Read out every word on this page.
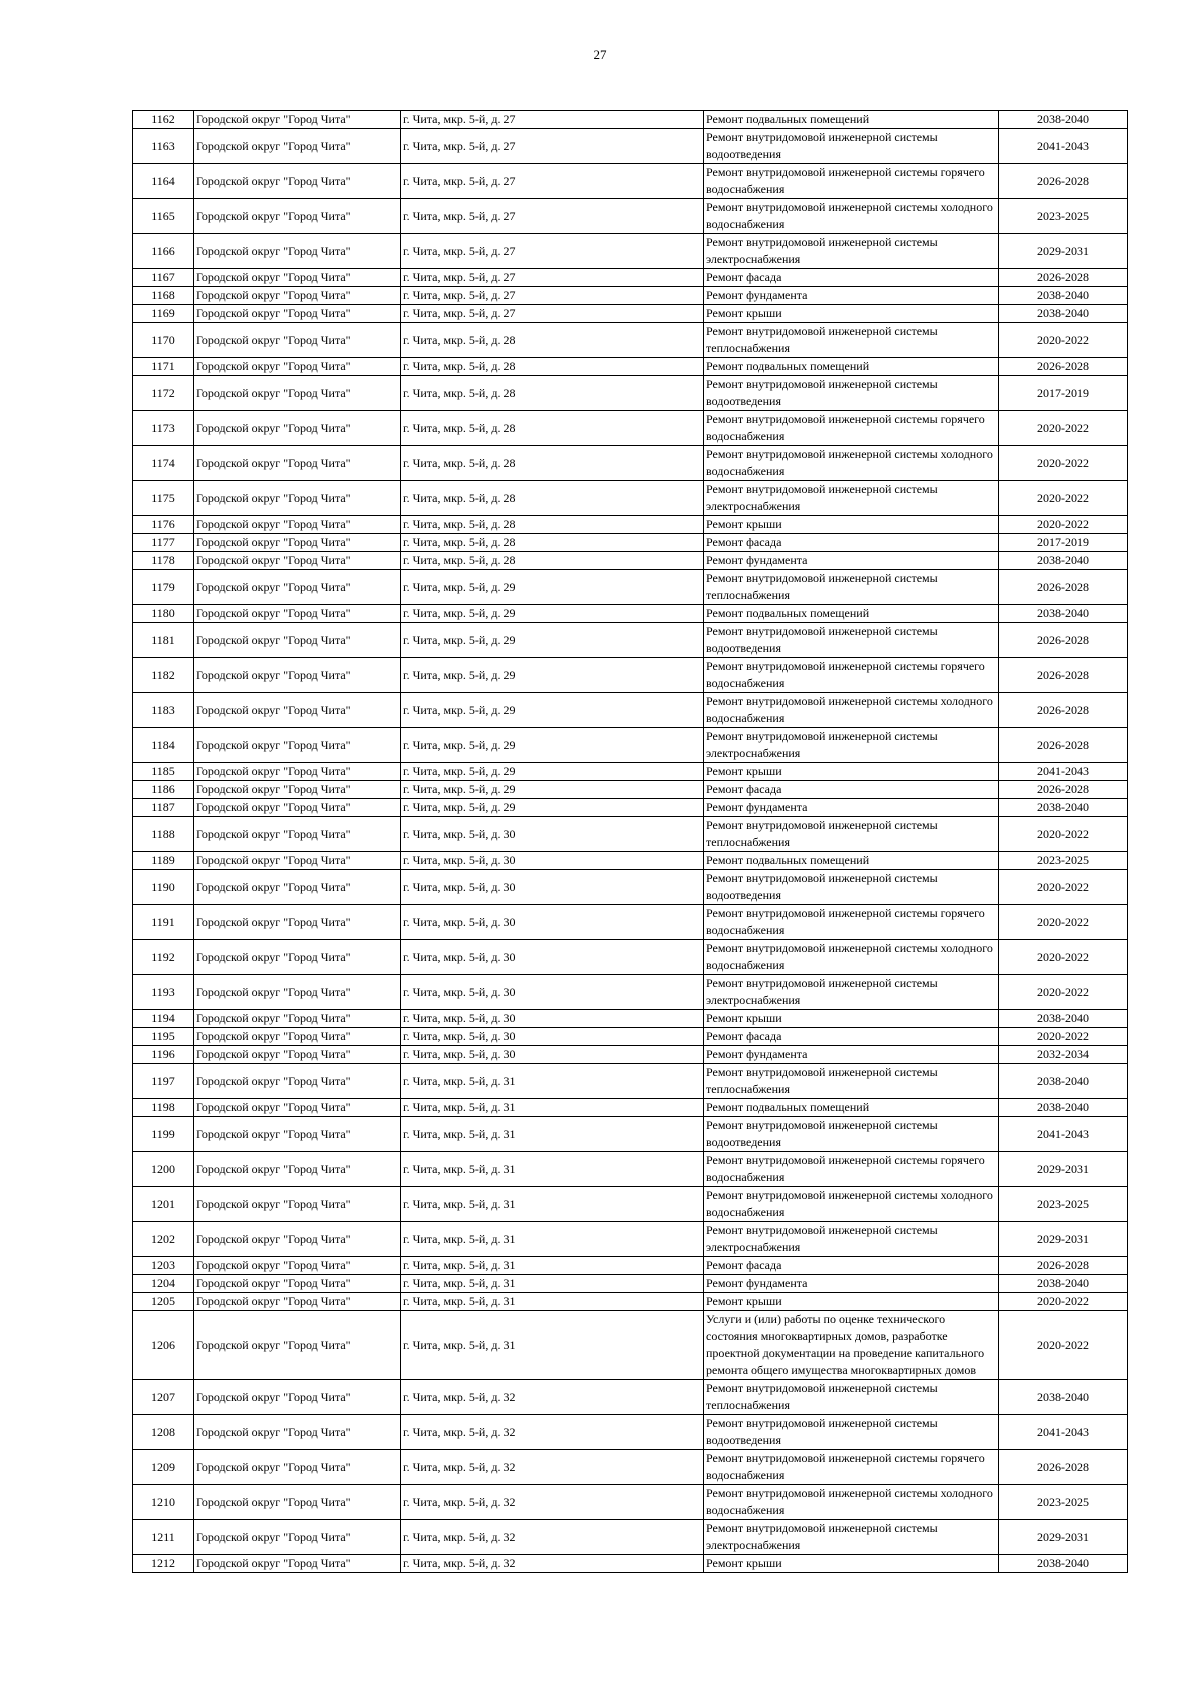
27
1162	Городской округ "Город Чита"	г. Чита, мкр. 5-й, д. 27	Ремонт подвальных помещений	2038-2040
1163	Городской округ "Город Чита"	г. Чита, мкр. 5-й, д. 27	Ремонт внутридомовой инженерной системы водоотведения	2041-2043
1164	Городской округ "Город Чита"	г. Чита, мкр. 5-й, д. 27	Ремонт внутридомовой инженерной системы горячего водоснабжения	2026-2028
1165	Городской округ "Город Чита"	г. Чита, мкр. 5-й, д. 27	Ремонт внутридомовой инженерной системы холодного водоснабжения	2023-2025
1166	Городской округ "Город Чита"	г. Чита, мкр. 5-й, д. 27	Ремонт внутридомовой инженерной системы электроснабжения	2029-2031
1167	Городской округ "Город Чита"	г. Чита, мкр. 5-й, д. 27	Ремонт фасада	2026-2028
1168	Городской округ "Город Чита"	г. Чита, мкр. 5-й, д. 27	Ремонт фундамента	2038-2040
1169	Городской округ "Город Чита"	г. Чита, мкр. 5-й, д. 27	Ремонт крыши	2038-2040
1170	Городской округ "Город Чита"	г. Чита, мкр. 5-й, д. 28	Ремонт внутридомовой инженерной системы теплоснабжения	2020-2022
1171	Городской округ "Город Чита"	г. Чита, мкр. 5-й, д. 28	Ремонт подвальных помещений	2026-2028
1172	Городской округ "Город Чита"	г. Чита, мкр. 5-й, д. 28	Ремонт внутридомовой инженерной системы водоотведения	2017-2019
1173	Городской округ "Город Чита"	г. Чита, мкр. 5-й, д. 28	Ремонт внутридомовой инженерной системы горячего водоснабжения	2020-2022
1174	Городской округ "Город Чита"	г. Чита, мкр. 5-й, д. 28	Ремонт внутридомовой инженерной системы холодного водоснабжения	2020-2022
1175	Городской округ "Город Чита"	г. Чита, мкр. 5-й, д. 28	Ремонт внутридомовой инженерной системы электроснабжения	2020-2022
1176	Городской округ "Город Чита"	г. Чита, мкр. 5-й, д. 28	Ремонт крыши	2020-2022
1177	Городской округ "Город Чита"	г. Чита, мкр. 5-й, д. 28	Ремонт фасада	2017-2019
1178	Городской округ "Город Чита"	г. Чита, мкр. 5-й, д. 28	Ремонт фундамента	2038-2040
1179	Городской округ "Город Чита"	г. Чита, мкр. 5-й, д. 29	Ремонт внутридомовой инженерной системы теплоснабжения	2026-2028
1180	Городской округ "Город Чита"	г. Чита, мкр. 5-й, д. 29	Ремонт подвальных помещений	2038-2040
1181	Городской округ "Город Чита"	г. Чита, мкр. 5-й, д. 29	Ремонт внутридомовой инженерной системы водоотведения	2026-2028
1182	Городской округ "Город Чита"	г. Чита, мкр. 5-й, д. 29	Ремонт внутридомовой инженерной системы горячего водоснабжения	2026-2028
1183	Городской округ "Город Чита"	г. Чита, мкр. 5-й, д. 29	Ремонт внутридомовой инженерной системы холодного водоснабжения	2026-2028
1184	Городской округ "Город Чита"	г. Чита, мкр. 5-й, д. 29	Ремонт внутридомовой инженерной системы электроснабжения	2026-2028
1185	Городской округ "Город Чита"	г. Чита, мкр. 5-й, д. 29	Ремонт крыши	2041-2043
1186	Городской округ "Город Чита"	г. Чита, мкр. 5-й, д. 29	Ремонт фасада	2026-2028
1187	Городской округ "Город Чита"	г. Чита, мкр. 5-й, д. 29	Ремонт фундамента	2038-2040
1188	Городской округ "Город Чита"	г. Чита, мкр. 5-й, д. 30	Ремонт внутридомовой инженерной системы теплоснабжения	2020-2022
1189	Городской округ "Город Чита"	г. Чита, мкр. 5-й, д. 30	Ремонт подвальных помещений	2023-2025
1190	Городской округ "Город Чита"	г. Чита, мкр. 5-й, д. 30	Ремонт внутридомовой инженерной системы водоотведения	2020-2022
1191	Городской округ "Город Чита"	г. Чита, мкр. 5-й, д. 30	Ремонт внутридомовой инженерной системы горячего водоснабжения	2020-2022
1192	Городской округ "Город Чита"	г. Чита, мкр. 5-й, д. 30	Ремонт внутридомовой инженерной системы холодного водоснабжения	2020-2022
1193	Городской округ "Город Чита"	г. Чита, мкр. 5-й, д. 30	Ремонт внутридомовой инженерной системы электроснабжения	2020-2022
1194	Городской округ "Город Чита"	г. Чита, мкр. 5-й, д. 30	Ремонт крыши	2038-2040
1195	Городской округ "Город Чита"	г. Чита, мкр. 5-й, д. 30	Ремонт фасада	2020-2022
1196	Городской округ "Город Чита"	г. Чита, мкр. 5-й, д. 30	Ремонт фундамента	2032-2034
1197	Городской округ "Город Чита"	г. Чита, мкр. 5-й, д. 31	Ремонт внутридомовой инженерной системы теплоснабжения	2038-2040
1198	Городской округ "Город Чита"	г. Чита, мкр. 5-й, д. 31	Ремонт подвальных помещений	2038-2040
1199	Городской округ "Город Чита"	г. Чита, мкр. 5-й, д. 31	Ремонт внутридомовой инженерной системы водоотведения	2041-2043
1200	Городской округ "Город Чита"	г. Чита, мкр. 5-й, д. 31	Ремонт внутридомовой инженерной системы горячего водоснабжения	2029-2031
1201	Городской округ "Город Чита"	г. Чита, мкр. 5-й, д. 31	Ремонт внутридомовой инженерной системы холодного водоснабжения	2023-2025
1202	Городской округ "Город Чита"	г. Чита, мкр. 5-й, д. 31	Ремонт внутридомовой инженерной системы электроснабжения	2029-2031
1203	Городской округ "Город Чита"	г. Чита, мкр. 5-й, д. 31	Ремонт фасада	2026-2028
1204	Городской округ "Город Чита"	г. Чита, мкр. 5-й, д. 31	Ремонт фундамента	2038-2040
1205	Городской округ "Город Чита"	г. Чита, мкр. 5-й, д. 31	Ремонт крыши	2020-2022
1206	Городской округ "Город Чита"	г. Чита, мкр. 5-й, д. 31	Услуги и (или) работы по оценке технического состояния многоквартирных домов, разработке проектной документации на проведение капитального ремонта общего имущества многоквартирных домов	2020-2022
1207	Городской округ "Город Чита"	г. Чита, мкр. 5-й, д. 32	Ремонт внутридомовой инженерной системы теплоснабжения	2038-2040
1208	Городской округ "Город Чита"	г. Чита, мкр. 5-й, д. 32	Ремонт внутридомовой инженерной системы водоотведения	2041-2043
1209	Городской округ "Город Чита"	г. Чита, мкр. 5-й, д. 32	Ремонт внутридомовой инженерной системы горячего водоснабжения	2026-2028
1210	Городской округ "Город Чита"	г. Чита, мкр. 5-й, д. 32	Ремонт внутридомовой инженерной системы холодного водоснабжения	2023-2025
1211	Городской округ "Город Чита"	г. Чита, мкр. 5-й, д. 32	Ремонт внутридомовой инженерной системы электроснабжения	2029-2031
1212	Городской округ "Город Чита"	г. Чита, мкр. 5-й, д. 32	Ремонт крыши	2038-2040
